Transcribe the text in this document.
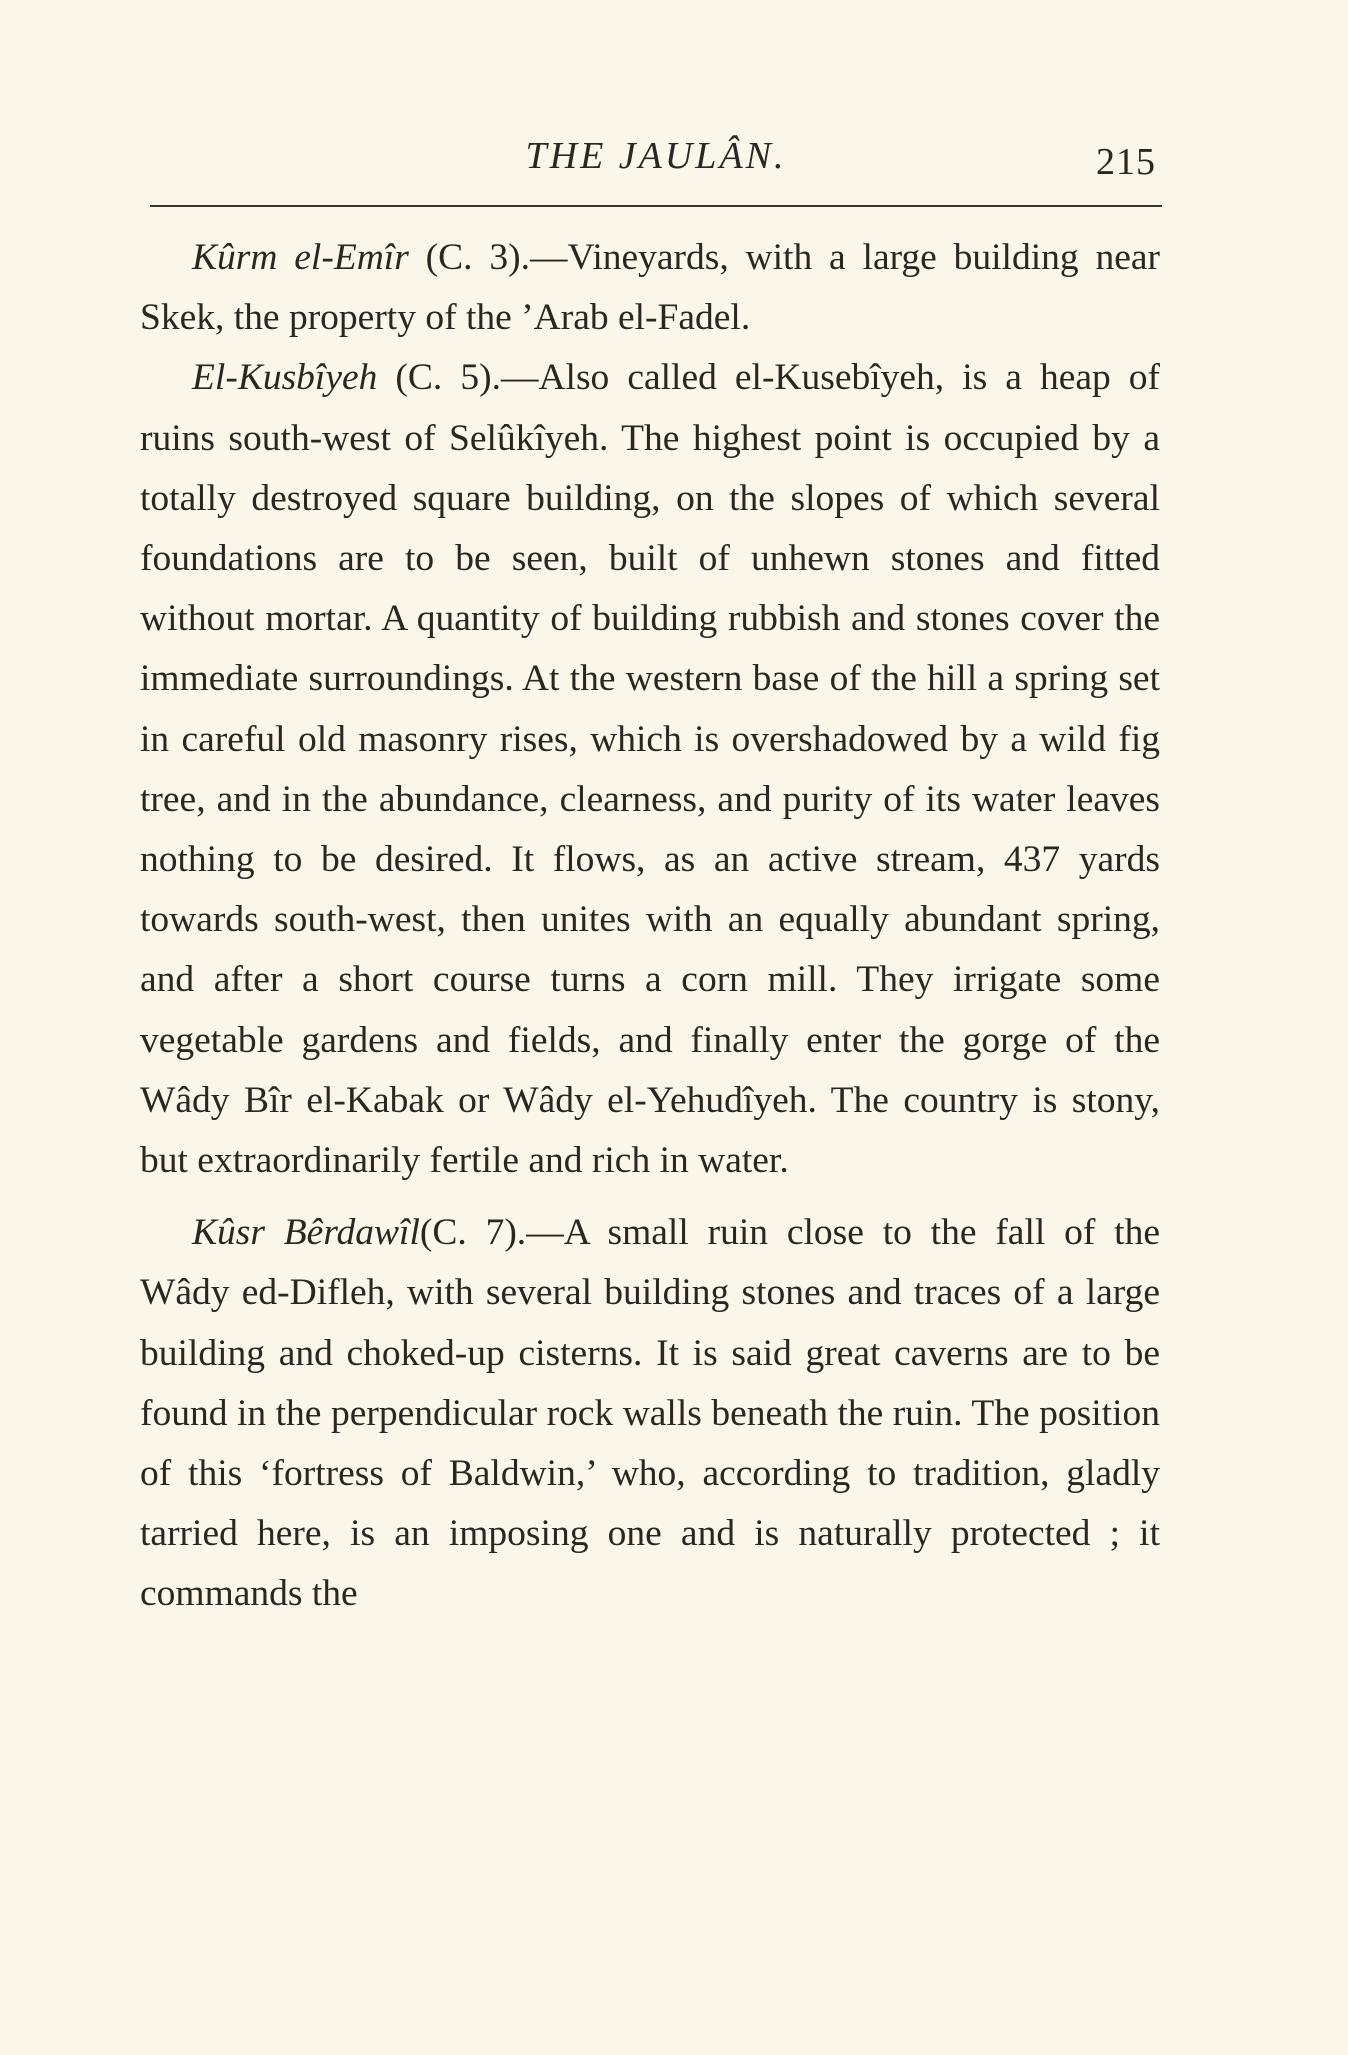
THE JAULÂN.	215

Kûrm el-Emîr (C. 3).—Vineyards, with a large building near Skek, the property of the ’Arab el-Fadel.

El-Kusbîyeh (C. 5).—Also called el-Kusebîyeh, is a heap of ruins south-west of Selûkîyeh. The highest point is occupied by a totally destroyed square building, on the slopes of which several foundations are to be seen, built of unhewn stones and fitted without mortar. A quantity of building rubbish and stones cover the immediate surroundings. At the western base of the hill a spring set in careful old masonry rises, which is overshadowed by a wild fig tree, and in the abundance, clearness, and purity of its water leaves nothing to be desired. It flows, as an active stream, 437 yards towards south-west, then unites with an equally abundant spring, and after a short course turns a corn mill. They irrigate some vegetable gardens and fields, and finally enter the gorge of the Wâdy Bîr el-Kabak or Wâdy el-Yehudîyeh. The country is stony, but extraordinarily fertile and rich in water.

Kûsr Bêrdawîl(C. 7).—A small ruin close to the fall of the Wâdy ed-Difleh, with several building stones and traces of a large building and choked-up cisterns. It is said great caverns are to be found in the perpendicular rock walls beneath the ruin. The position of this ‘fortress of Baldwin,’ who, according to tradition, gladly tarried here, is an imposing one and is naturally protected ; it commands the
